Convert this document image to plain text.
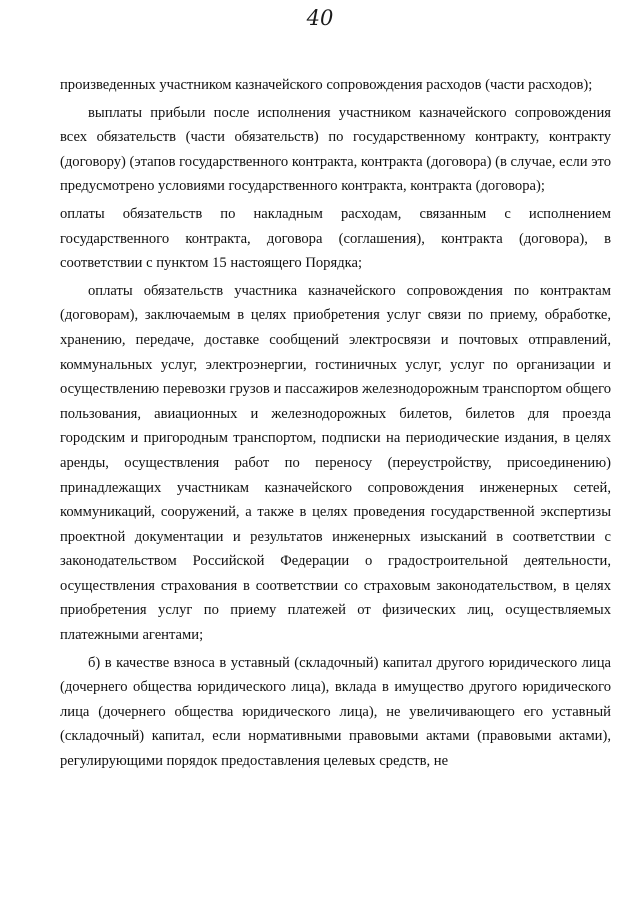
40

произведенных участником казначейского сопровождения расходов (части расходов);

выплаты прибыли после исполнения участником казначейского сопровождения всех обязательств (части обязательств) по государственному контракту, контракту (договору) (этапов государственного контракта, контракта (договора) (в случае, если это предусмотрено условиями государственного контракта, контракта (договора);

оплаты обязательств по накладным расходам, связанным с исполнением государственного контракта, договора (соглашения), контракта (договора), в соответствии с пунктом 15 настоящего Порядка;

оплаты обязательств участника казначейского сопровождения по контрактам (договорам), заключаемым в целях приобретения услуг связи по приему, обработке, хранению, передаче, доставке сообщений электросвязи и почтовых отправлений, коммунальных услуг, электроэнергии, гостиничных услуг, услуг по организации и осуществлению перевозки грузов и пассажиров железнодорожным транспортом общего пользования, авиационных и железнодорожных билетов, билетов для проезда городским и пригородным транспортом, подписки на периодические издания, в целях аренды, осуществления работ по переносу (переустройству, присоединению) принадлежащих участникам казначейского сопровождения инженерных сетей, коммуникаций, сооружений, а также в целях проведения государственной экспертизы проектной документации и результатов инженерных изысканий в соответствии с законодательством Российской Федерации о градостроительной деятельности, осуществления страхования в соответствии со страховым законодательством, в целях приобретения услуг по приему платежей от физических лиц, осуществляемых платежными агентами;

б) в качестве взноса в уставный (складочный) капитал другого юридического лица (дочернего общества юридического лица), вклада в имущество другого юридического лица (дочернего общества юридического лица), не увеличивающего его уставный (складочный) капитал, если нормативными правовыми актами (правовыми актами), регулирующими порядок предоставления целевых средств, не
